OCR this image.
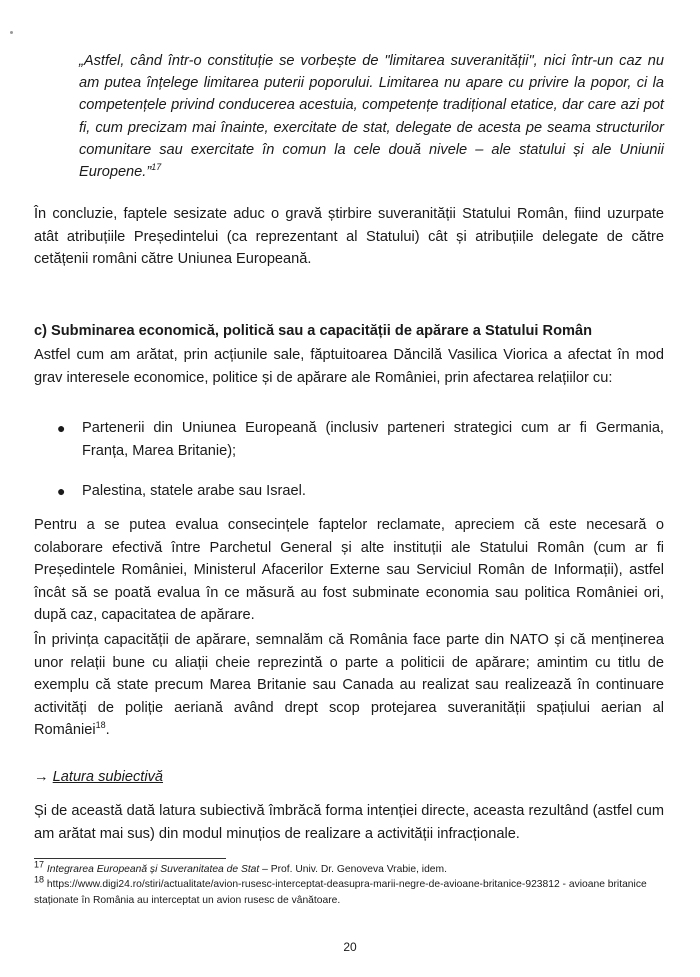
„Astfel, când într-o constituție se vorbește de "limitarea suveranității", nici într-un caz nu am putea înțelege limitarea puterii poporului. Limitarea nu apare cu privire la popor, ci la competențele privind conducerea acestuia, competențe tradițional etatice, dar care azi pot fi, cum precizam mai înainte, exercitate de stat, delegate de acesta pe seama structurilor comunitare sau exercitate în comun la cele două nivele – ale statului și ale Uniunii Europene.”$^{17}$

În concluzie, faptele sesizate aduc o gravă știrbire suveranității Statului Român, fiind uzurpate atât atribuțiile Președintelui (ca reprezentant al Statului) cât și atribuțiile delegate de către cetățenii români către Uniunea Europeană.

c) Subminarea economică, politică sau a capacității de apărare a Statului Român

Astfel cum am arătat, prin acțiunile sale, făptuitoarea Dăncilă Vasilica Viorica a afectat în mod grav interesele economice, politice și de apărare ale României, prin afectarea relațiilor cu:

● Partenerii din Uniunea Europeană (inclusiv parteneri strategici cum ar fi Germania, Franța, Marea Britanie);
● Palestina, statele arabe sau Israel.

Pentru a se putea evalua consecințele faptelor reclamate, apreciem că este necesară o colaborare efectivă între Parchetul General și alte instituții ale Statului Român (cum ar fi Președintele României, Ministerul Afacerilor Externe sau Serviciul Român de Informații), astfel încât să se poată evalua în ce măsură au fost subminate economia sau politica României ori, după caz, capacitatea de apărare.

În privința capacității de apărare, semnalăm că România face parte din NATO și că menținerea unor relații bune cu aliații cheie reprezintă o parte a politicii de apărare; amintim cu titlu de exemplu că state precum Marea Britanie sau Canada au realizat sau realizează în continuare activități de poliție aeriană având drept scop protejarea suveranității spațiului aerian al României$^{18}$.

→ Latura subiectivă

Și de această dată latura subiectivă îmbrăcă forma intenției directe, aceasta rezultând (astfel cum am arătat mai sus) din modul minuțios de realizare a activității infracționale.

$^{17}$ Integrarea Europeană și Suveranitatea de Stat – Prof. Univ. Dr. Genoveva Vrabie, idem.
$^{18}$ https://www.digi24.ro/stiri/actualitate/avion-rusesc-interceptat-deasupra-marii-negre-de-avioane-britanice-923812 - avioane britanice staționate în România au interceptat un avion rusesc de vânătoare.
20
